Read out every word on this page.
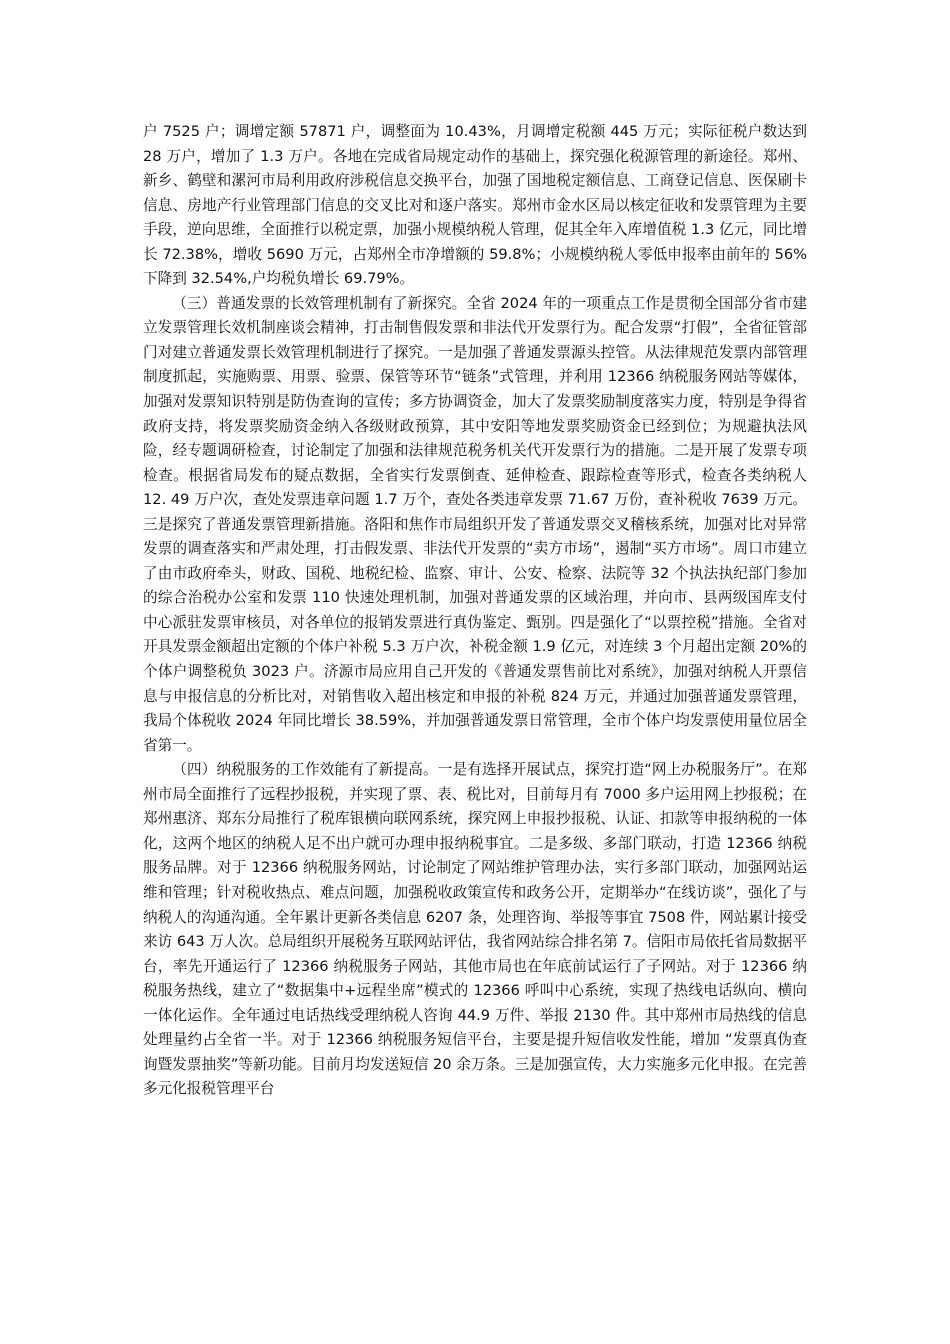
户 7525 户；调增定额 57871 户，调整面为 10.43%，月调增定税额 445 万元；实际征税户数达到 28 万户，增加了 1.3 万户。各地在完成省局规定动作的基础上，探究强化税源管理的新途径。郑州、新乡、鹤壁和漯河市局利用政府涉税信息交换平台，加强了国地税定额信息、工商登记信息、医保刷卡信息、房地产行业管理部门信息的交叉比对和逐户落实。郑州市金水区局以核定征收和发票管理为主要手段，逆向思维，全面推行以税定票，加强小规模纳税人管理，促其全年入库增值税 1.3 亿元，同比增长 72.38%，增收 5690 万元，占郑州全市净增额的 59.8%；小规模纳税人零低申报率由前年的 56%下降到 32.54%,户均税负增长 69.79%。

（三）普通发票的长效管理机制有了新探究。全省 2024 年的一项重点工作是贯彻全国部分省市建立发票管理长效机制座谈会精神，打击制售假发票和非法代开发票行为。配合发票“打假”，全省征管部门对建立普通发票长效管理机制进行了探究。一是加强了普通发票源头控管。从法律规范发票内部管理制度抓起，实施购票、用票、验票、保管等环节“链条”式管理，并利用 12366 纳税服务网站等媒体，加强对发票知识特别是防伪查询的宣传；多方协调资金，加大了发票奖励制度落实力度，特别是争得省政府支持，将发票奖励资金纳入各级财政预算，其中安阳等地发票奖励资金已经到位；为规避执法风险，经专题调研检查，讨论制定了加强和法律规范税务机关代开发票行为的措施。二是开展了发票专项检查。根据省局发布的疑点数据，全省实行发票倒查、延伸检查、跟踪检查等形式，检查各类纳税人 12. 49 万户次，查处发票违章问题 1.7 万个，查处各类违章发票 71.67 万份，查补税收 7639 万元。三是探究了普通发票管理新措施。洛阳和焦作市局组织开发了普通发票交叉稽核系统，加强对比对异常发票的调查落实和严肃处理，打击假发票、非法代开发票的“卖方市场”，遏制“买方市场”。周口市建立了由市政府牵头，财政、国税、地税纪检、监察、审计、公安、检察、法院等 32 个执法执纪部门参加的综合治税办公室和发票 110 快速处理机制，加强对普通发票的区域治理，并向市、县两级国库支付中心派驻发票审核员，对各单位的报销发票进行真伪鉴定、甄别。四是强化了“以票控税”措施。全省对开具发票金额超出定额的个体户补税 5.3 万户次，补税金额 1.9 亿元，对连续 3 个月超出定额 20%的个体户调整税负 3023 户。济源市局应用自己开发的《普通发票售前比对系统》，加强对纳税人开票信息与申报信息的分析比对，对销售收入超出核定和申报的补税 824 万元，并通过加强普通发票管理，我局个体税收 2024 年同比增长 38.59%，并加强普通发票日常管理，全市个体户均发票使用量位居全省第一。

（四）纳税服务的工作效能有了新提高。一是有选择开展试点，探究打造“网上办税服务厅”。在郑州市局全面推行了远程抄报税，并实现了票、表、税比对，目前每月有 7000 多户运用网上抄报税；在郑州惠济、郑东分局推行了税库银横向联网系统，探究网上申报抄报税、认证、扣款等申报纳税的一体化，这两个地区的纳税人足不出户就可办理申报纳税事宜。二是多级、多部门联动，打造 12366 纳税服务品牌。对于 12366 纳税服务网站，讨论制定了网站维护管理办法，实行多部门联动，加强网站运维和管理；针对税收热点、难点问题，加强税收政策宣传和政务公开，定期举办“在线访谈”，强化了与纳税人的沟通沟通。全年累计更新各类信息 6207 条，处理咨询、举报等事宜 7508 件，网站累计接受来访 643 万人次。总局组织开展税务互联网站评估，我省网站综合排名第 7。信阳市局依托省局数据平台，率先开通运行了 12366 纳税服务子网站，其他市局也在年底前试运行了子网站。对于 12366 纳税服务热线，建立了“数据集中+远程坐席”模式的 12366 呼叫中心系统，实现了热线电话纵向、横向一体化运作。全年通过电话热线受理纳税人咨询 44.9 万件、举报 2130 件。其中郑州市局热线的信息处理量约占全省一半。对于 12366 纳税服务短信平台，主要是提升短信收发性能，增加 “发票真伪查询暨发票抽奖”等新功能。目前月均发送短信 20 余万条。三是加强宣传，大力实施多元化申报。在完善多元化报税管理平台
